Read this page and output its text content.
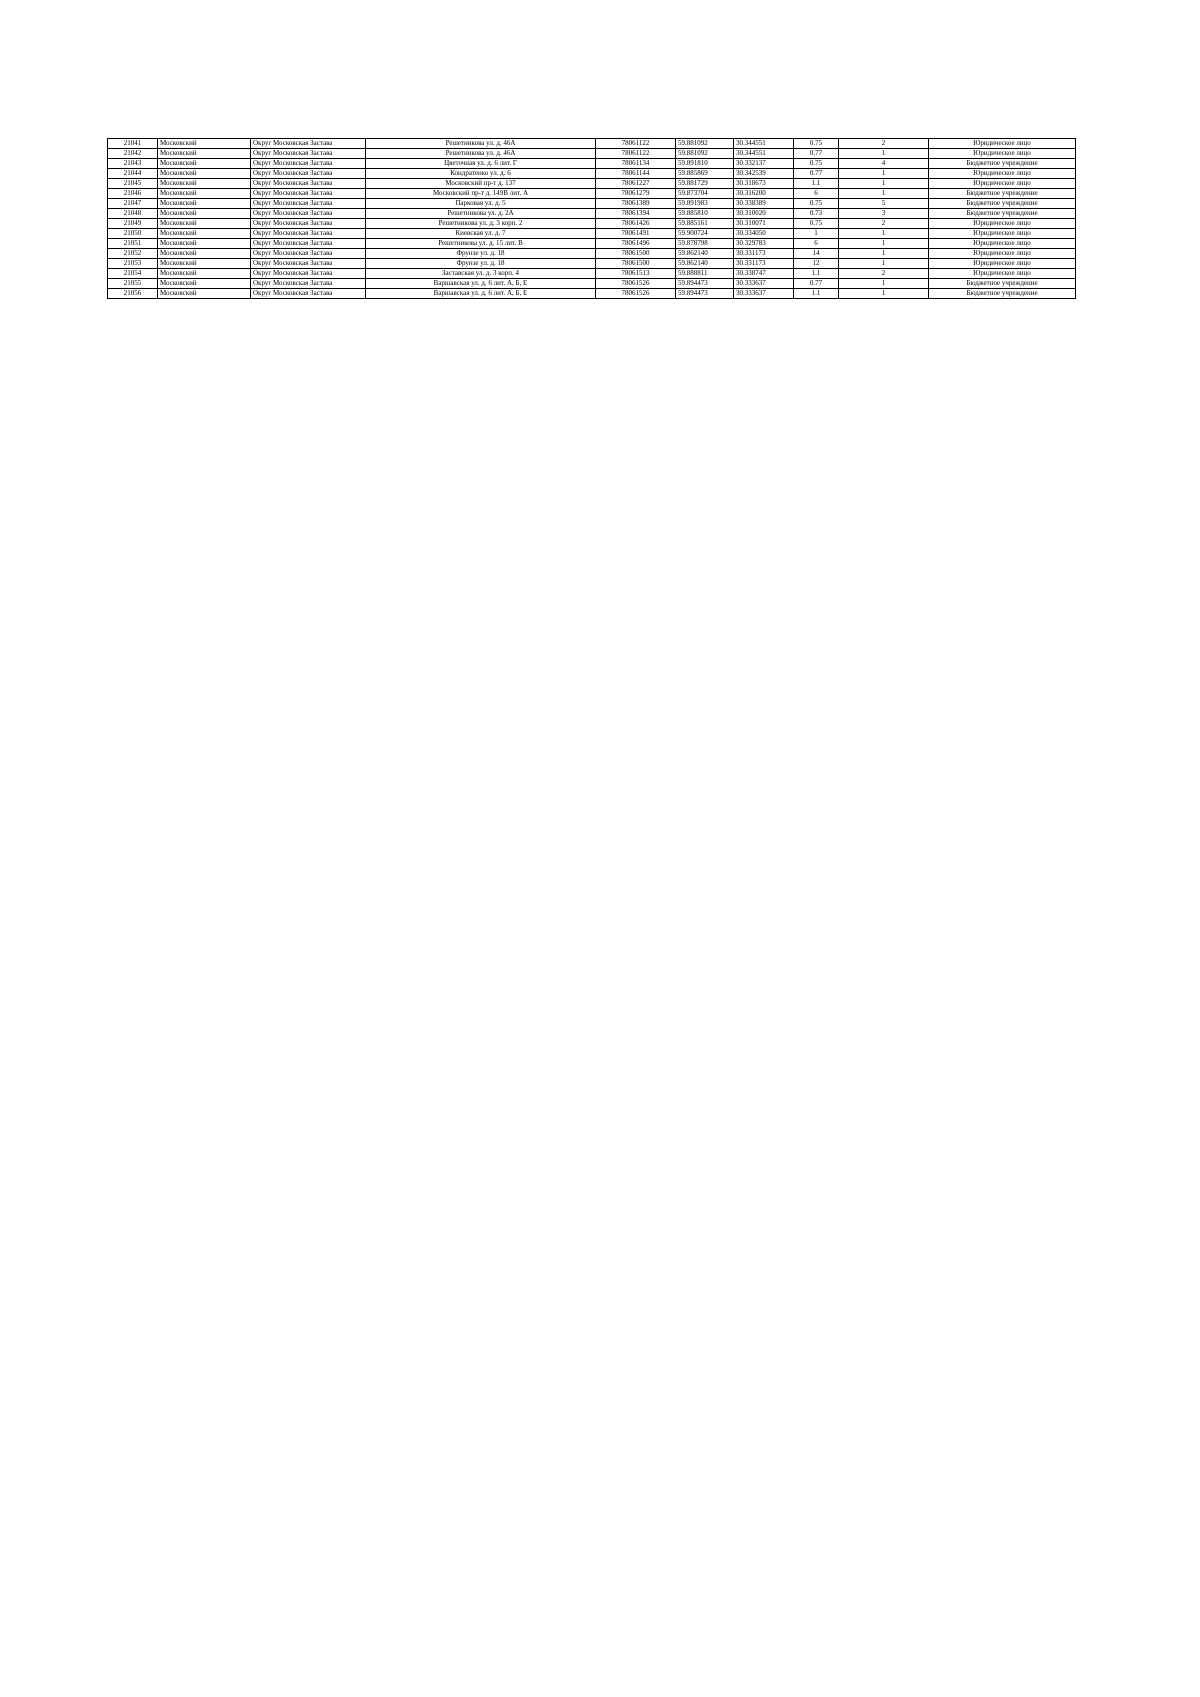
21041	Московский	Округ Московская Застава	Решетникова ул. д. 46А	78061122	59.881092	30.344551	0.75	2	Юридическое лицо
21042	Московский	Округ Московская Застава	Решетникова ул. д. 46А	78061122	59.881092	30.344551	0.77	1	Юридическое лицо
21043	Московский	Округ Московская Застава	Цветочная ул. д. 6 лит. Г	78061134	59.891810	30.332137	0.75	4	Бюджетное учреждение
21044	Московский	Округ Московская Застава	Кондратенко ул. д. 6	78061144	59.885869	30.342539	0.77	1	Юридическое лицо
21045	Московский	Округ Московская Застава	Московский пр-т д. 137	78061227	59.881729	30.318673	1.1	1	Юридическое лицо
21046	Московский	Округ Московская Застава	Московский пр-т д. 149В лит. А	78061279	59.873704	30.316200	6	1	Бюджетное учреждение
21047	Московский	Округ Московская Застава	Парковая ул. д. 5	78061389	59.891983	30.338389	0.75	5	Бюджетное учреждение
21048	Московский	Округ Московская Застава	Решетникова ул. д. 2А	78061394	59.885810	30.310020	0.73	3	Бюджетное учреждение
21049	Московский	Округ Московская Застава	Решетникова ул. д. 3 корп. 2	78061426	59.885161	30.310071	0.75	2	Юридическое лицо
21050	Московский	Округ Московская Застава	Киевская ул. д. 7	78061491	59.900724	30.334050	1	1	Юридическое лицо
21051	Московский	Округ Московская Застава	Решетникова ул. д. 15 лит. В	78061496	59.878798	30.329783	6	1	Юридическое лицо
21052	Московский	Округ Московская Застава	Фрунзе ул. д. 18	78061500	59.862140	30.331173	14	1	Юридическое лицо
21053	Московский	Округ Московская Застава	Фрунзе ул. д. 18	78061500	59.862140	30.331173	12	1	Юридическое лицо
21054	Московский	Округ Московская Застава	Заставская ул. д. 3 корп. 4	78061513	59.888811	30.338747	1.1	2	Юридическое лицо
21055	Московский	Округ Московская Застава	Варшавская ул. д. 6 лит. А, Б, Е	78061526	59.894473	30.333637	0.77	1	Бюджетное учреждение
21056	Московский	Округ Московская Застава	Варшавская ул. д. 6 лит. А, Б, Е	78061526	59.894473	30.333637	1.1	1	Бюджетное учреждение
